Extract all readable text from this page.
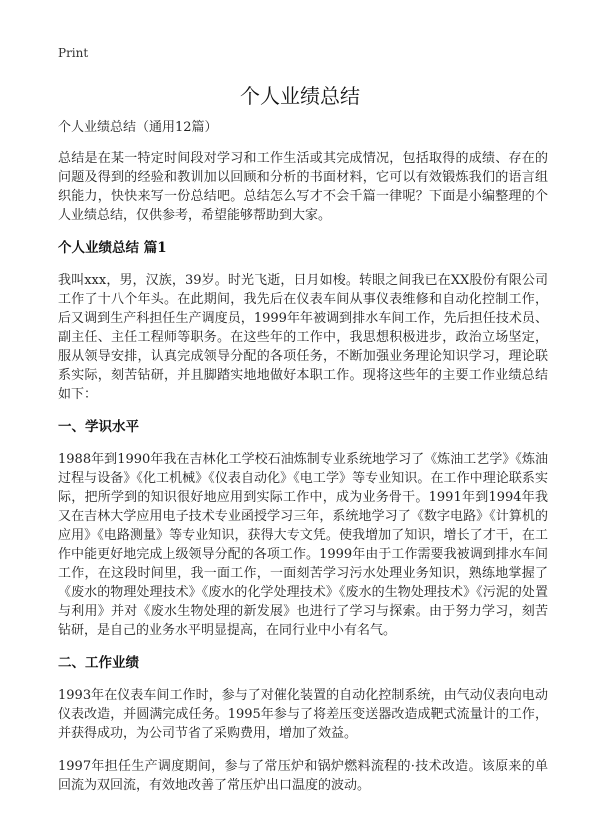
Print
个人业绩总结

个人业绩总结（通用12篇）

总结是在某一特定时间段对学习和工作生活或其完成情况，包括取得的成绩、存在的问题及得到的经验和教训加以回顾和分析的书面材料，它可以有效锻炼我们的语言组织能力，快快来写一份总结吧。总结怎么写才不会千篇一律呢？下面是小编整理的个人业绩总结，仅供参考，希望能够帮助到大家。

个人业绩总结 篇1

我叫xxx，男，汉族，39岁。时光飞逝，日月如梭。转眼之间我已在XX股份有限公司工作了十八个年头。在此期间，我先后在仪表车间从事仪表维修和自动化控制工作，后又调到生产科担任生产调度员，1999年年被调到排水车间工作，先后担任技术员、副主任、主任工程师等职务。在这些年的工作中，我思想积极进步，政治立场坚定，服从领导安排，认真完成领导分配的各项任务，不断加强业务理论知识学习，理论联系实际，刻苦钻研，并且脚踏实地地做好本职工作。现将这些年的主要工作业绩总结如下：

一、学识水平

1988年到1990年我在吉林化工学校石油炼制专业系统地学习了《炼油工艺学》《炼油过程与设备》《化工机械》《仪表自动化》《电工学》等专业知识。在工作中理论联系实际，把所学到的知识很好地应用到实际工作中，成为业务骨干。1991年到1994年我又在吉林大学应用电子技术专业函授学习三年，系统地学习了《数字电路》《计算机的应用》《电路测量》等专业知识，获得大专文凭。使我增加了知识，增长了才干，在工作中能更好地完成上级领导分配的各项工作。1999年由于工作需要我被调到排水车间工作，在这段时间里，我一面工作，一面刻苦学习污水处理业务知识，熟练地掌握了《废水的物理处理技术》《废水的化学处理技术》《废水的生物处理技术》《污泥的处置与利用》并对《废水生物处理的新发展》也进行了学习与探索。由于努力学习，刻苦钻研，是自己的业务水平明显提高，在同行业中小有名气。

二、工作业绩

1993年在仪表车间工作时，参与了对催化装置的自动化控制系统，由气动仪表向电动仪表改造，并圆满完成任务。1995年参与了将差压变送器改造成靶式流量计的工作，并获得成功，为公司节省了采购费用，增加了效益。

1997年担任生产调度期间，参与了常压炉和锅炉燃料流程的·技术改造。该原来的单回流为双回流，有效地改善了常压炉出口温度的波动。
